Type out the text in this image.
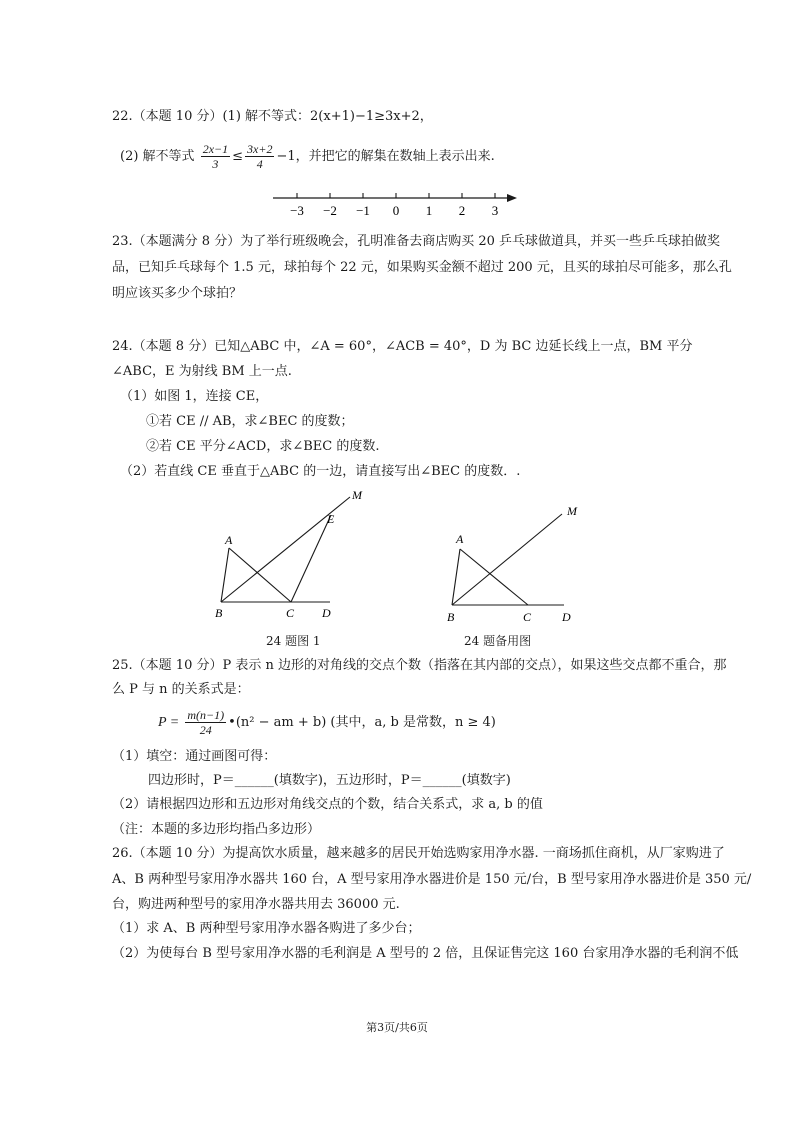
22.（本题 10 分）(1) 解不等式：2(x+1)−1≥3x+2，
(2) 解不等式 $\frac{2x-1}{3} \le \frac{3x+2}{4} -1$，并把它的解集在数轴上表示出来.
−3 −2 −1 0 1 2 3
23.（本题满分 8 分）为了举行班级晚会，孔明准备去商店购买 20 乒乓球做道具，并买一些乒乓球拍做奖
品，已知乒乓球每个 1.5 元，球拍每个 22 元，如果购买金额不超过 200 元，且买的球拍尽可能多，那么孔
明应该买多少个球拍？
24.（本题 8 分）已知△ABC 中，∠A = 60°，∠ACB = 40°，D 为 BC 边延长线上一点，BM 平分
∠ABC，E 为射线 BM 上一点.
（1）如图 1，连接 CE，
①若 CE // AB，求∠BEC 的度数；
②若 CE 平分∠ACD，求∠BEC 的度数.
（2）若直线 CE 垂直于△ABC 的一边，请直接写出∠BEC 的度数．.
A
B	C D
E
M
24 题图 1
A
B	C	D
M
24 题备用图
25.（本题 10 分）P 表示 n 边形的对角线的交点个数（指落在其内部的交点），如果这些交点都不重合，那
么 P 与 n 的关系式是：
$P = \frac{m(n-1)}{24}$ •(n² − am + b) (其中，a, b 是常数，n ≥ 4)
（1）填空：通过画图可得：
四边形时，P＝______(填数字)，五边形时，P＝______(填数字)
（2）请根据四边形和五边形对角线交点的个数，结合关系式，求 a, b 的值
（注：本题的多边形均指凸多边形）
26.（本题 10 分）为提高饮水质量，越来越多的居民开始选购家用净水器. 一商场抓住商机，从厂家购进了
A、B 两种型号家用净水器共 160 台，A 型号家用净水器进价是 150 元/台，B 型号家用净水器进价是 350 元/
台，购进两种型号的家用净水器共用去 36000 元.
（1）求 A、B 两种型号家用净水器各购进了多少台；
（2）为使每台 B 型号家用净水器的毛利润是 A 型号的 2 倍，且保证售完这 160 台家用净水器的毛利润不低
第3页/共6页
